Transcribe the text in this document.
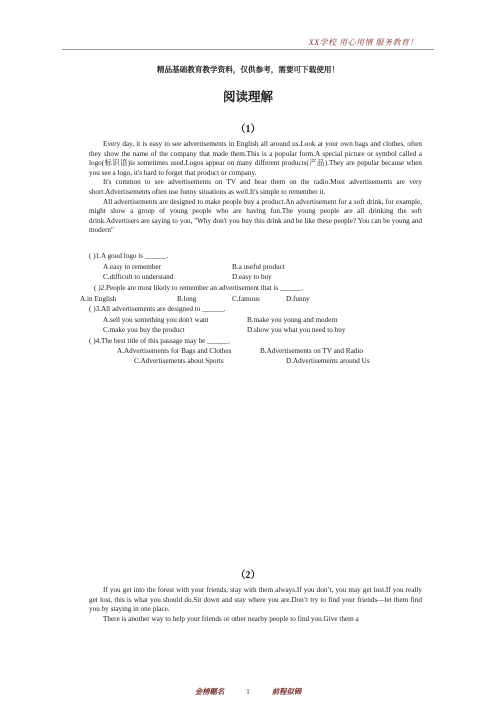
XX学校 用心用情 服务教育！
精品基础教育教学资料，仅供参考，需要可下载使用！
阅读理解
（1）

Every day, it is easy to see advertisements in English all around us.Look at your own bags and clothes, often they show the name of the company that made them.This is a popular form.A special picture or symbol called a logo(标识语)is sometimes used.Logos appear on many different products(产品).They are popular because when you see a logo, it's hard to forget that product or company.

It's common to see advertisements on TV and hear them on the radio.Most advertisements are very short.Advertisements often use funny situations as well.It's simple to remember it.

All advertisements are designed to make people buy a product.An advertisement for a soft drink, for example, might show a group of young people who are having fun.The young people are all drinking the soft drink.Advertisers are saying to you, "Why don't you buy this drink and be like these people? You can be young and modern"

( )1.A good logo is ______.
A.easy to remember	B.a useful product
C.difficult to understand	D.easy to buy
( )2.People are most likely to remember an advertisement that is ______.
A.in English	B.long	C.famous	D.funny
( )3.All advertisements are designed to ______.
A.sell you something you don't want	B.make you young and modern
C.make you buy the product	D.show you what you need to buy
( )4.The best title of this passage may be ______.
A.Advertisements for Bags and Clothes	B.Advertisements on TV and Radio
C.Advertisements about Sports	D.Advertisements around Us
（2）

If you get into the forest with your friends, stay with them always.If you don’t, you may get lost.If you really get lost, this is what you should do.Sit down and stay where you are.Don’t try to find your friends—let them find you by staying in one place.

There is another way to help your friends or other nearby people to find you.Give them a

金榜题名	1	前程似锦
